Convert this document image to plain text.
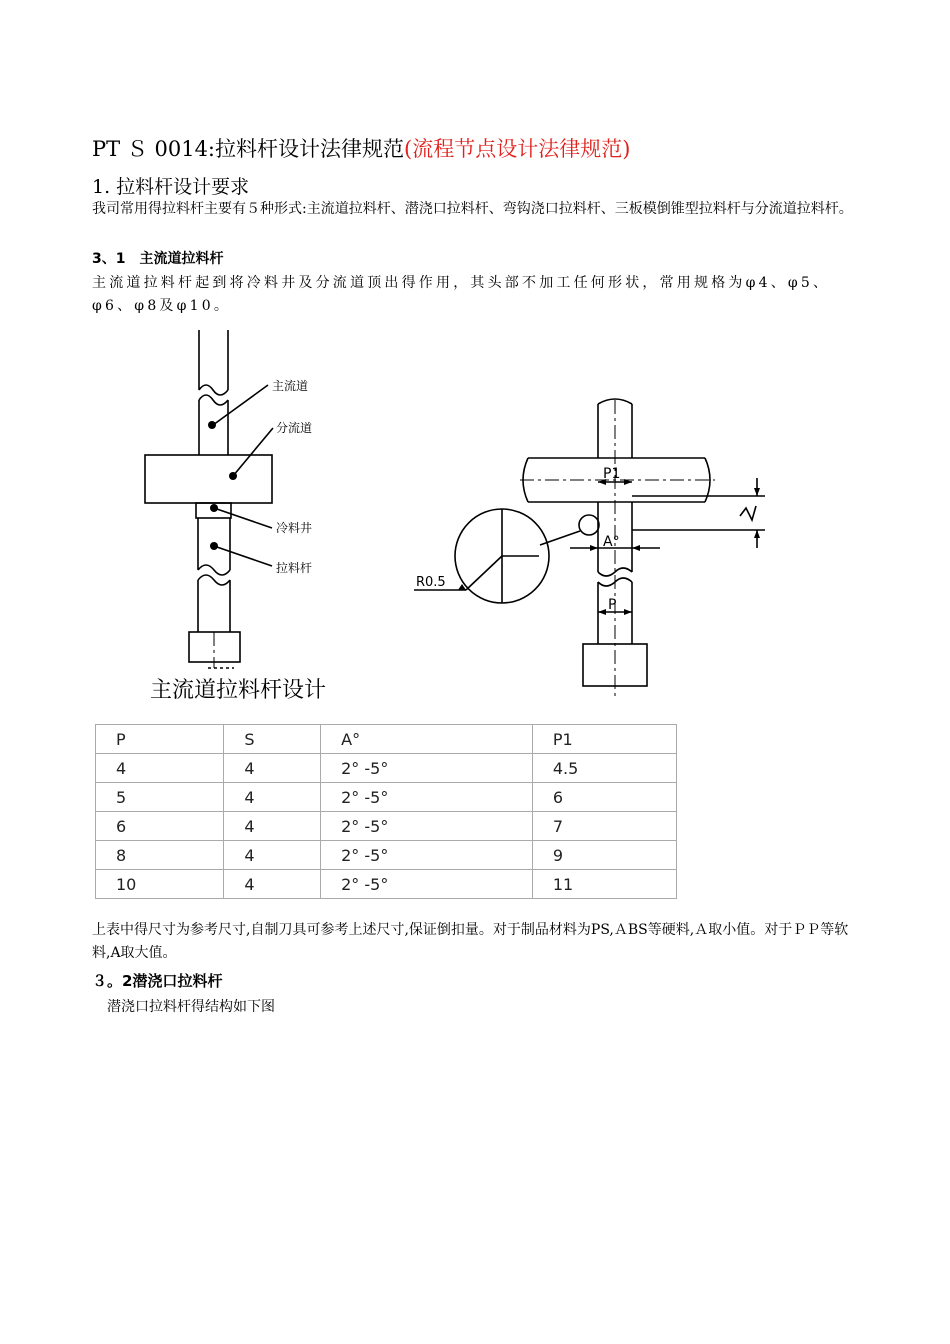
PT Ｓ 0014:拉料杆设计法律规范(流程节点设计法律规范)
1. 拉料杆设计要求
我司常用得拉料杆主要有５种形式:主流道拉料杆、潜浇口拉料杆、弯钩浇口拉料杆、三板模倒锥型拉料杆与分流道拉料杆。
3、1　主流道拉料杆
主流道拉料杆起到将冷料井及分流道顶出得作用，其头部不加工任何形状，常用规格为φ4、φ5、φ6、φ8及φ10。
主流道
分流道
冷料井
拉料杆
P1
A°
P
R0.5
主流道拉料杆设计
P	S	A°	P1
4	4	2° -5°	4.5
5	4	2° -5°	6
6	4	2° -5°	7
8	4	2° -5°	9
10	4	2° -5°	11
上表中得尺寸为参考尺寸,自制刀具可参考上述尺寸,保证倒扣量。对于制品材料为PS,ＡBS等硬料,Ａ取小值。对于ＰＰ等软料,A取大值。
３。2潜浇口拉料杆
潜浇口拉料杆得结构如下图
